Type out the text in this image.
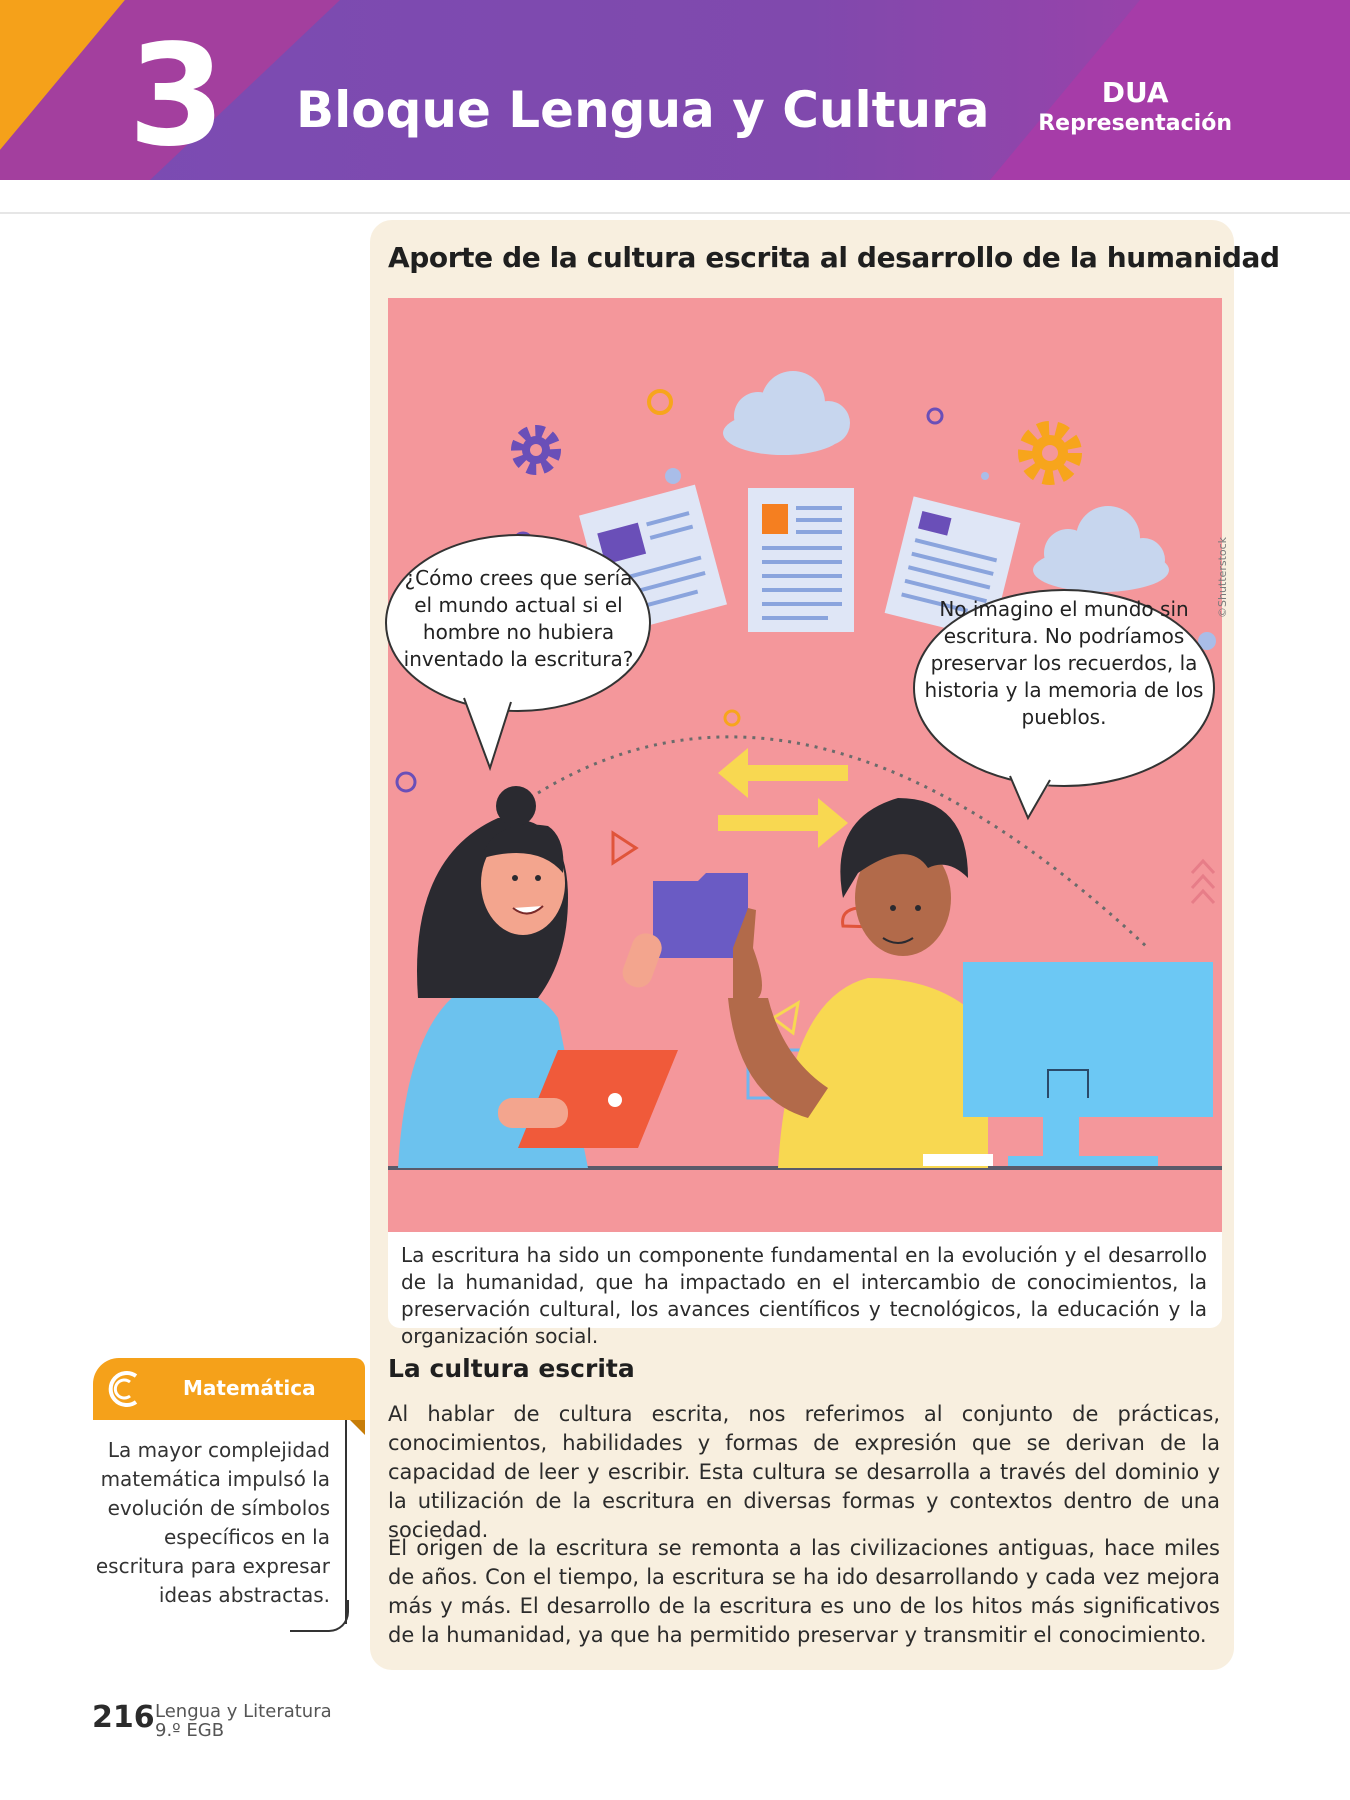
3 Bloque Lengua y Cultura	DUA
Representación
Aporte de la cultura escrita al desarrollo de la humanidad
¿Cómo crees que sería el mundo actual si el hombre no hubiera inventado la escritura?
No imagino el mundo sin escritura. No podríamos preservar los recuerdos, la historia y la memoria de los pueblos.
La escritura ha sido un componente fundamental en la evolución y el desarrollo de la humanidad, que ha impactado en el intercambio de conocimientos, la preservación cultural, los avances científicos y tecnológicos, la educación y la organización social.
©Shutterstock
La cultura escrita
Al hablar de cultura escrita, nos referimos al conjunto de prácticas, conocimientos, habilidades y formas de expresión que se derivan de la capacidad de leer y escribir. Esta cultura se desarrolla a través del dominio y la utilización de la escritura en diversas formas y contextos dentro de una sociedad.
El origen de la escritura se remonta a las civilizaciones antiguas, hace miles de años. Con el tiempo, la escritura se ha ido desarrollando y cada vez mejora más y más. El desarrollo de la escritura es uno de los hitos más significativos de la humanidad, ya que ha permitido preservar y transmitir el conocimiento.
Matemática
La mayor complejidad matemática impulsó la evolución de símbolos específicos en la escritura para expresar ideas abstractas.
216 Lengua y Literatura
9.º EGB
